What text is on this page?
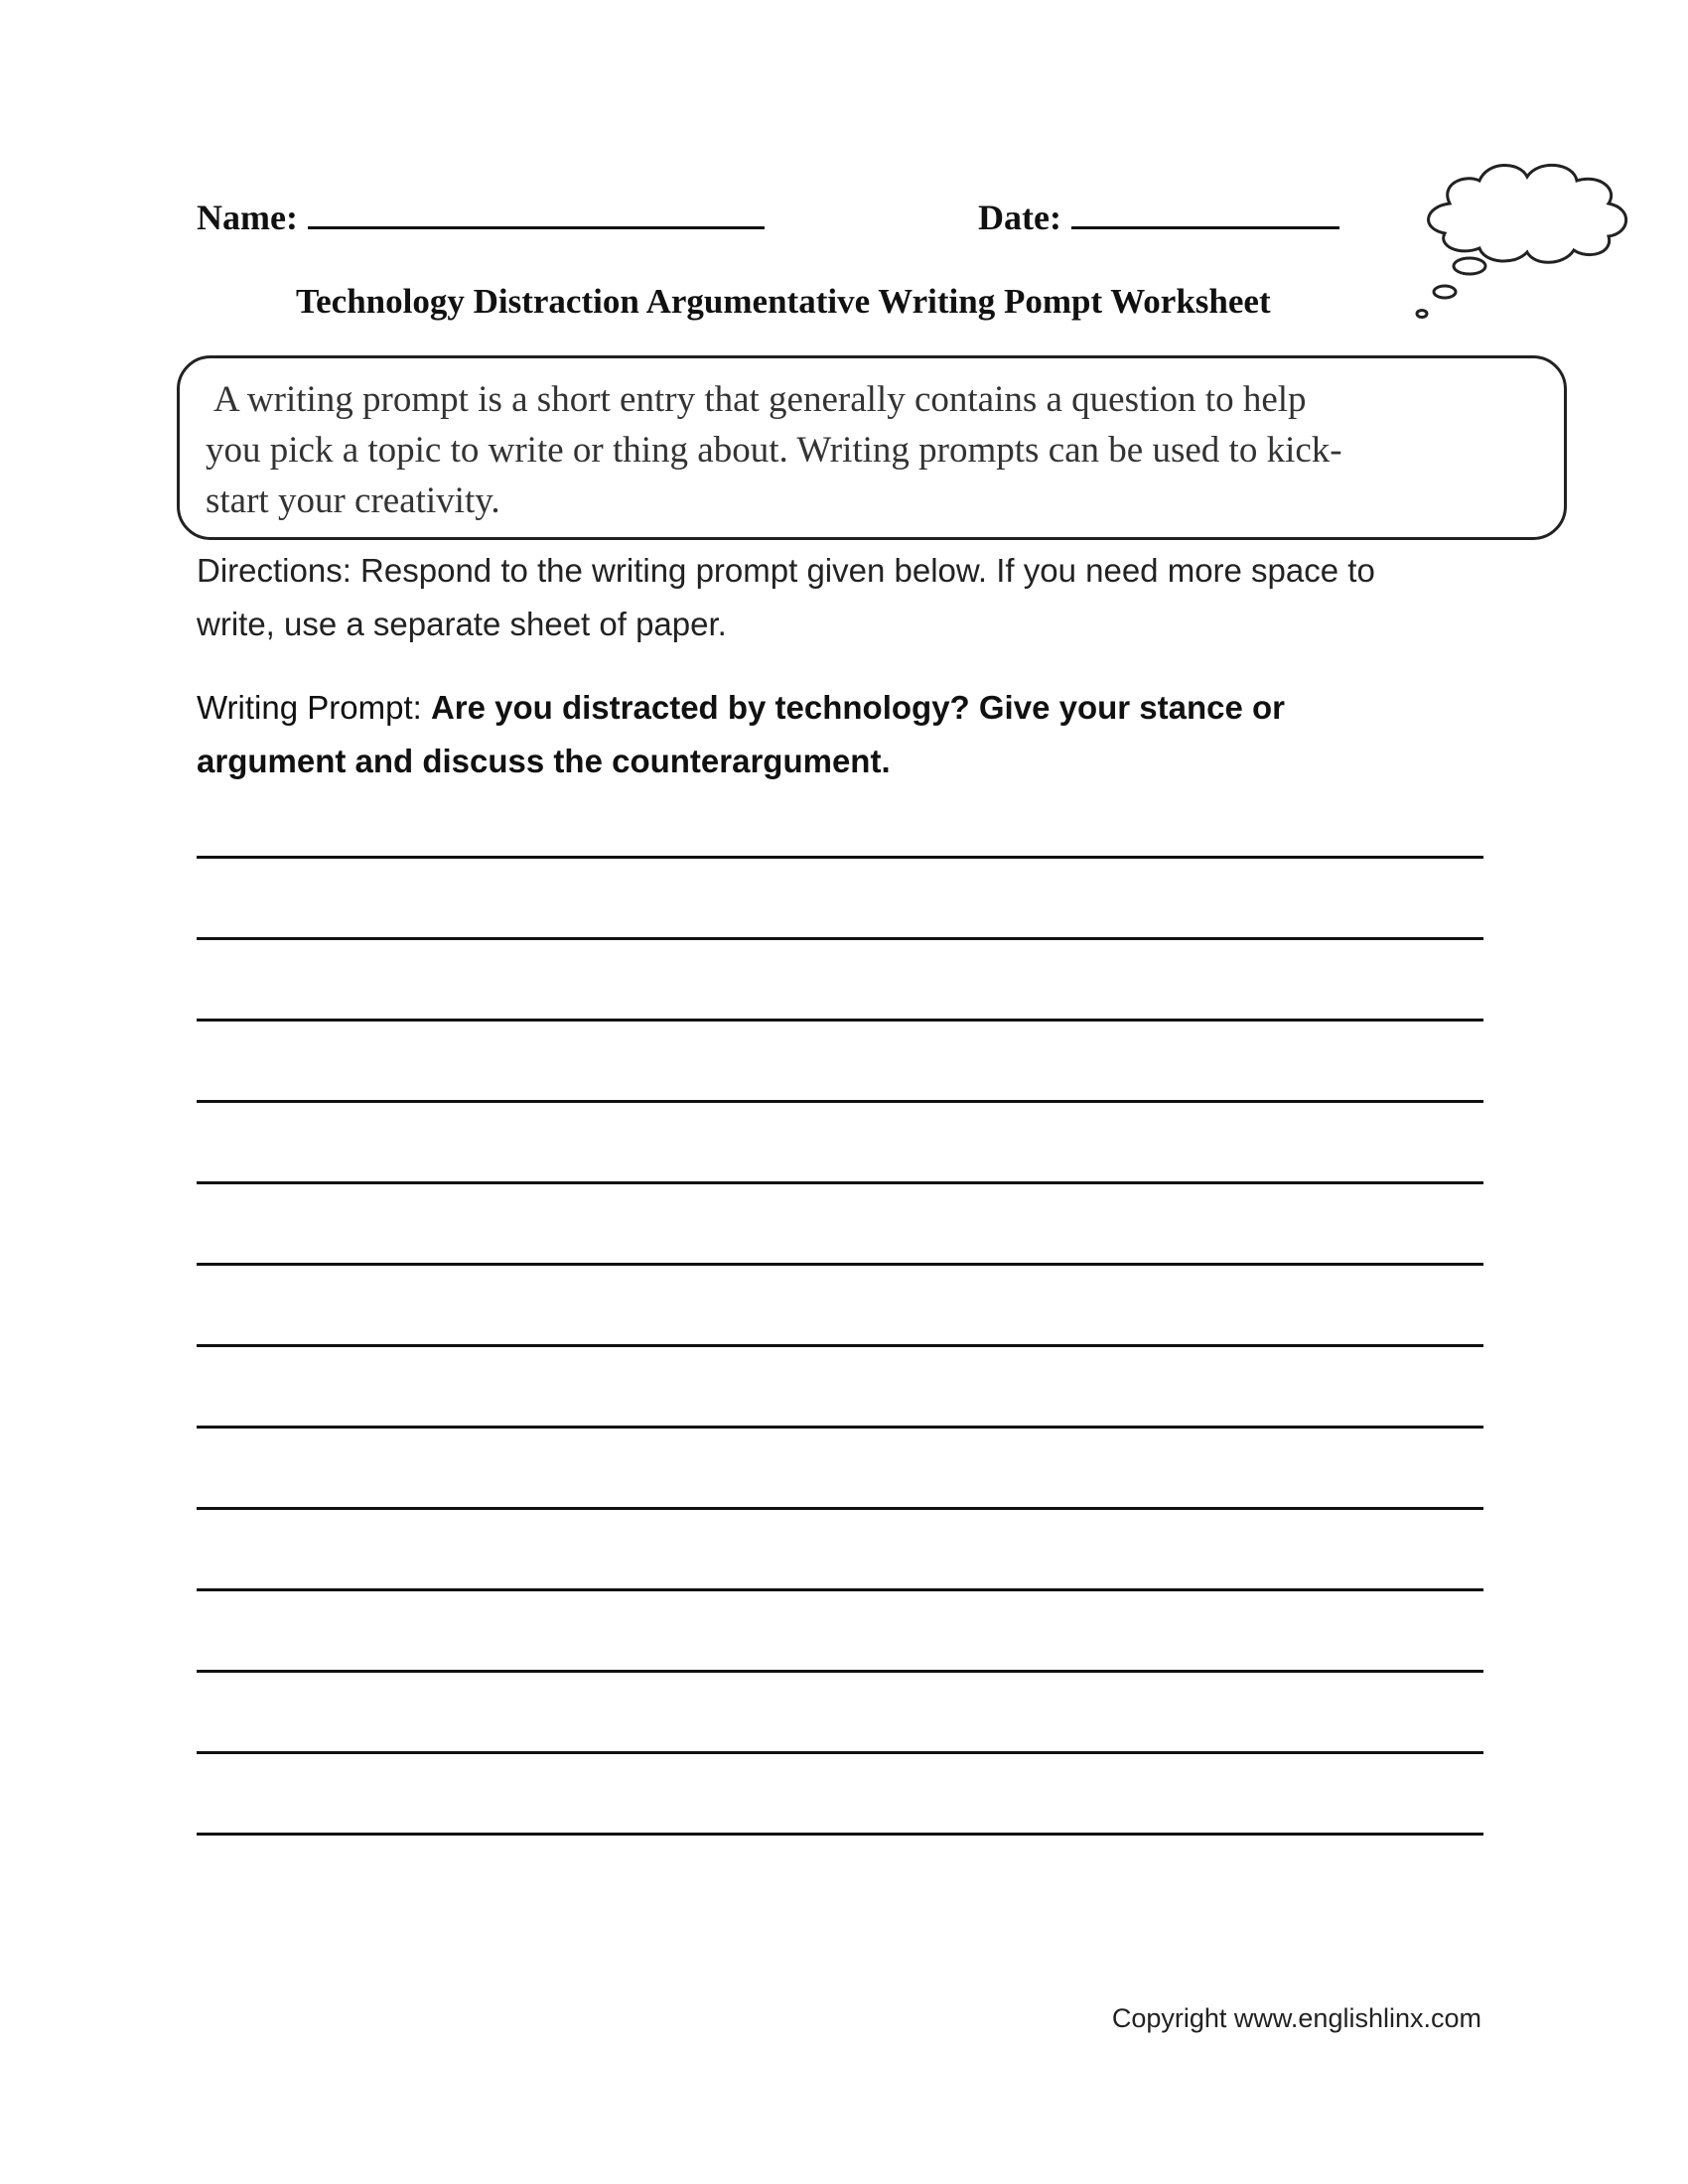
Name:	Date:
Technology Distraction Argumentative Writing Pompt Worksheet
A writing prompt is a short entry that generally contains a question to help
you pick a topic to write or thing about. Writing prompts can be used to kick-
start your creativity.
Directions: Respond to the writing prompt given below. If you need more space to
write, use a separate sheet of paper.
Writing Prompt: Are you distracted by technology? Give your stance or
argument and discuss the counterargument.
Copyright www.englishlinx.com
